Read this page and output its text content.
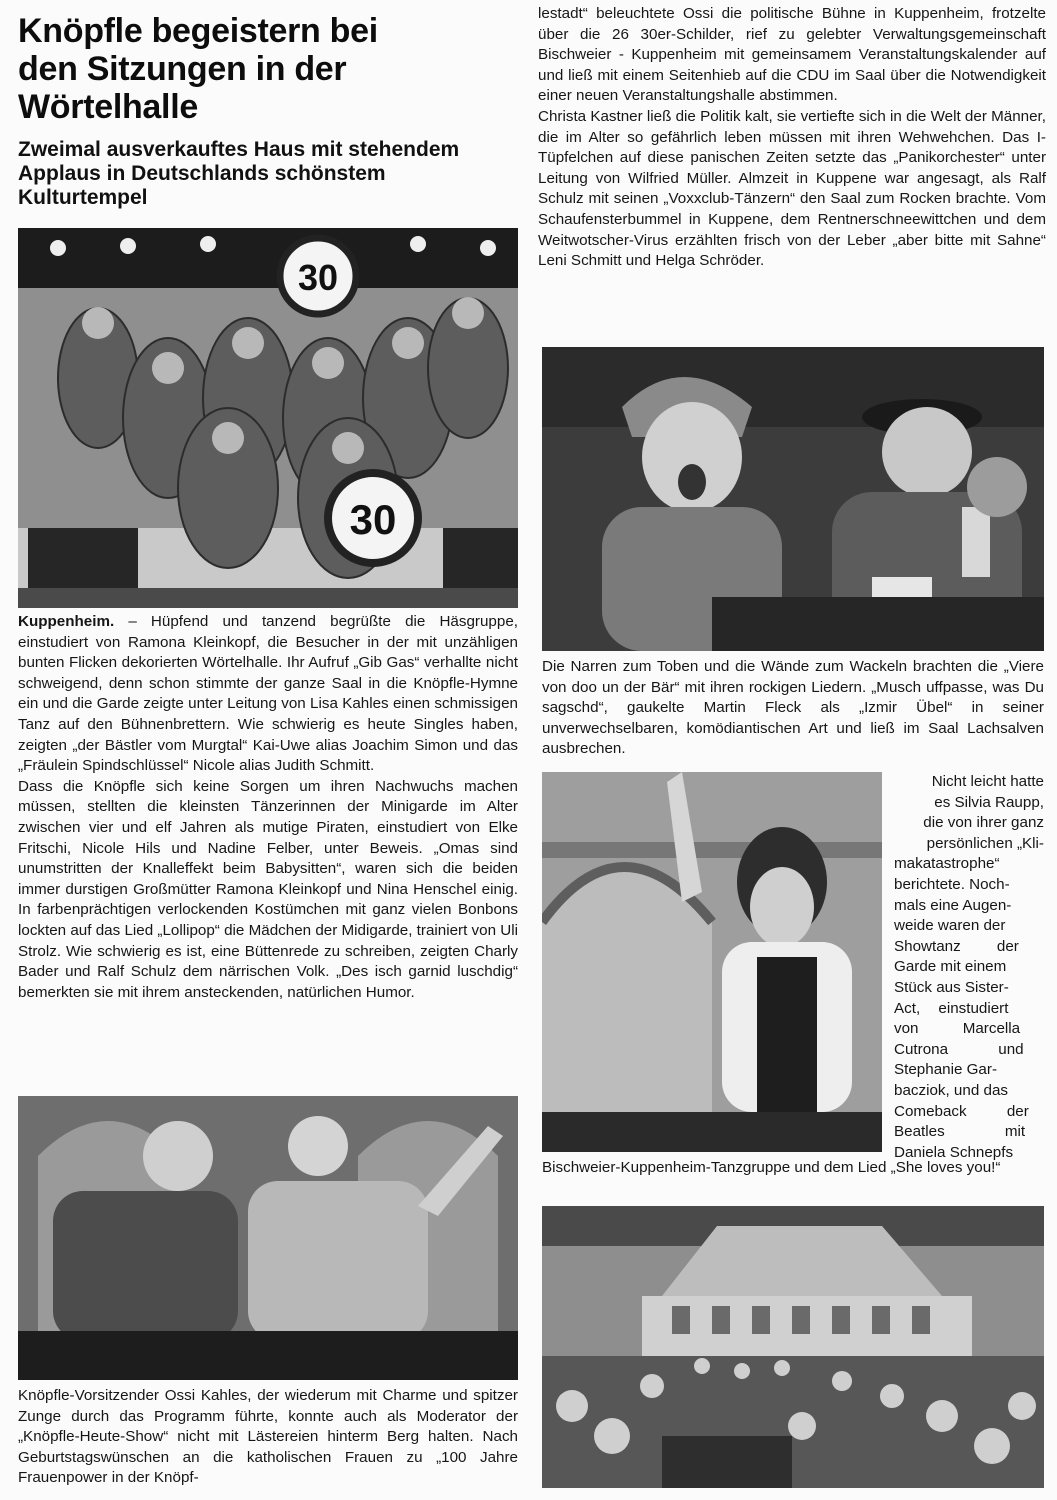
Knöpfle begeistern bei den Sitzungen in der Wörtelhalle
Zweimal ausverkauftes Haus mit stehendem Applaus in Deutschlands schönstem Kulturtempel
30
30

Kuppenheim. – Hüpfend und tanzend begrüßte die Häsgruppe, einstudiert von Ramona Kleinkopf, die Besucher in der mit unzähligen bunten Flicken dekorierten Wörtelhalle. Ihr Aufruf „Gib Gas“ verhallte nicht schweigend, denn schon stimmte der ganze Saal in die Knöpfle-Hymne ein und die Garde zeigte unter Leitung von Lisa Kahles einen schmissigen Tanz auf den Bühnenbrettern. Wie schwierig es heute Singles haben, zeigten „der Bästler vom Murgtal“ Kai-Uwe alias Joachim Simon und das „Fräulein Spindschlüssel“ Nicole alias Judith Schmitt.

Dass die Knöpfle sich keine Sorgen um ihren Nachwuchs machen müssen, stellten die kleinsten Tänzerinnen der Minigarde im Alter zwischen vier und elf Jahren als mutige Piraten, einstudiert von Elke Fritschi, Nicole Hils und Nadine Felber, unter Beweis. „Omas sind unumstritten der Knalleffekt beim Babysitten“, waren sich die beiden immer durstigen Großmütter Ramona Kleinkopf und Nina Henschel einig. In farbenprächtigen verlockenden Kostümchen mit ganz vielen Bonbons lockten auf das Lied „Lollipop“ die Mädchen der Midigarde, trainiert von Uli Strolz. Wie schwierig es ist, eine Büttenrede zu schreiben, zeigten Charly Bader und Ralf Schulz dem närrischen Volk. „Des isch garnid luschdig“ bemerkten sie mit ihrem ansteckenden, natürlichen Humor.

Knöpfle-Vorsitzender Ossi Kahles, der wiederum mit Charme und spitzer Zunge durch das Programm führte, konnte auch als Moderator der „Knöpfle-Heute-Show“ nicht mit Lästereien hinterm Berg halten. Nach Geburtstagswünschen an die katholischen Frauen zu „100 Jahre Frauenpower in der Knöpf-

lestadt“ beleuchtete Ossi die politische Bühne in Kuppenheim, frotzelte über die 26 30er-Schilder, rief zu gelebter Verwaltungsgemeinschaft Bischweier - Kuppenheim mit gemeinsamem Veranstaltungskalender auf und ließ mit einem Seitenhieb auf die CDU im Saal über die Notwendigkeit einer neuen Veranstaltungshalle abstimmen.

Christa Kastner ließ die Politik kalt, sie vertiefte sich in die Welt der Männer, die im Alter so gefährlich leben müssen mit ihren Wehwehchen. Das I-Tüpfelchen auf diese panischen Zeiten setzte das „Panikorchester“ unter Leitung von Wilfried Müller. Almzeit in Kuppene war angesagt, als Ralf Schulz mit seinen „Voxxclub-Tänzern“ den Saal zum Rocken brachte. Vom Schaufensterbummel in Kuppene, dem Rentnerschneewittchen und dem Weitwotscher-Virus erzählten frisch von der Leber „aber bitte mit Sahne“ Leni Schmitt und Helga Schröder.

Die Narren zum Toben und die Wände zum Wackeln brachten die „Viere von doo un der Bär“ mit ihren rockigen Liedern. „Musch uffpasse, was Du sagschd“, gaukelte Martin Fleck als „Izmir Übel“ in seiner unverwechselbaren, komödiantischen Art und ließ im Saal Lachsalven ausbrechen.

Nicht leicht hatte
es Silvia Raupp,
die von ihrer ganz
persönlichen „Kli-
makatastrophe“
berichtete. Noch-
mals eine Augen-
weide waren der
Showtanz der
Garde mit einem
Stück aus Sister-
Act, einstudiert
von Marcella
Cutrona und
Stephanie Gar-
bacziok, und das
Comeback der
Beatles mit
Daniela Schnepfs

Bischweier-Kuppenheim-Tanzgruppe und dem Lied „She loves you!“
